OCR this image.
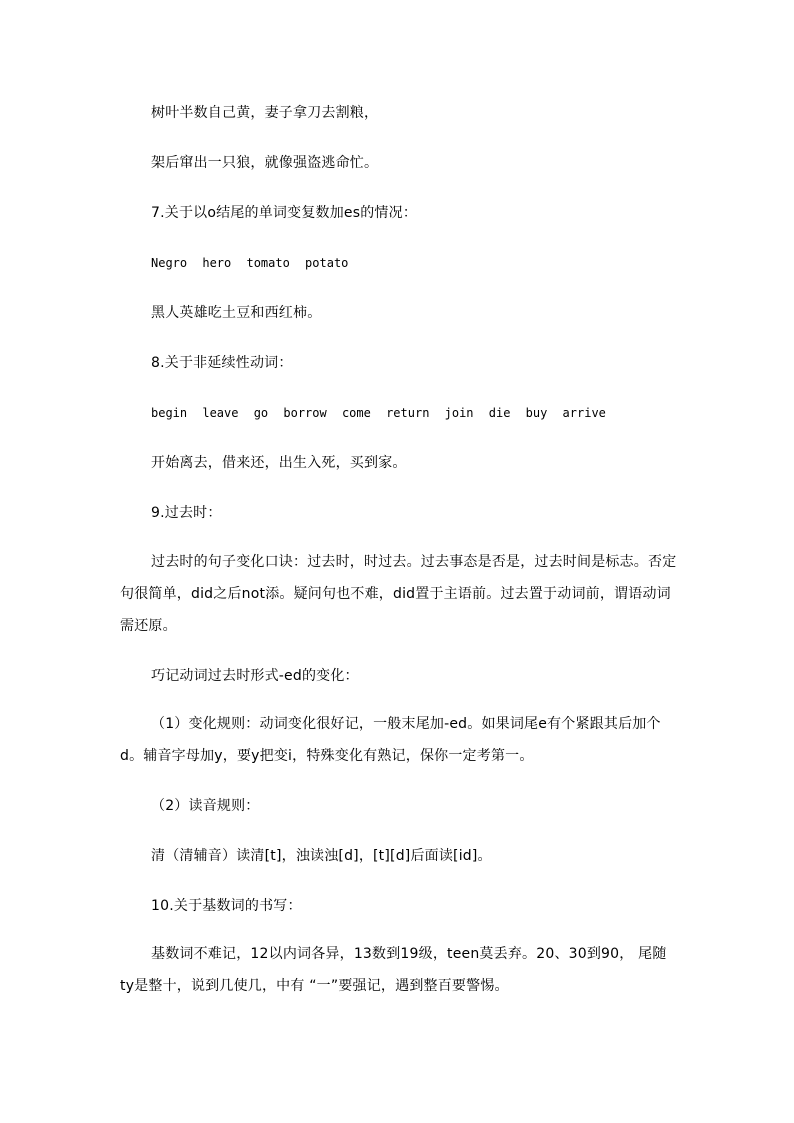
树叶半数自己黄，妻子拿刀去割粮，
架后窜出一只狼，就像强盗逃命忙。
7.关于以o结尾的单词变复数加es的情况：
Negro hero tomato potato
黑人英雄吃土豆和西红柿。
8.关于非延续性动词：
begin leave go borrow come return join die buy arrive
开始离去，借来还，出生入死，买到家。
9.过去时：
过去时的句子变化口诀：过去时，时过去。过去事态是否是，过去时间是标志。否定句很简单，did之后not添。疑问句也不难，did置于主语前。过去置于动词前，谓语动词需还原。
巧记动词过去时形式-ed的变化：
（1）变化规则：动词变化很好记，一般末尾加-ed。如果词尾e有个紧跟其后加个d。辅音字母加y，要y把变i，特殊变化有熟记，保你一定考第一。
（2）读音规则：
清（清辅音）读清[t]，浊读浊[d]，[t][d]后面读[id]。
10.关于基数词的书写：
基数词不难记，12以内词各异，13数到19级，teen莫丢弃。20、30到90， 尾随ty是整十，说到几使几，中有 “一”要强记，遇到整百要警惕。
